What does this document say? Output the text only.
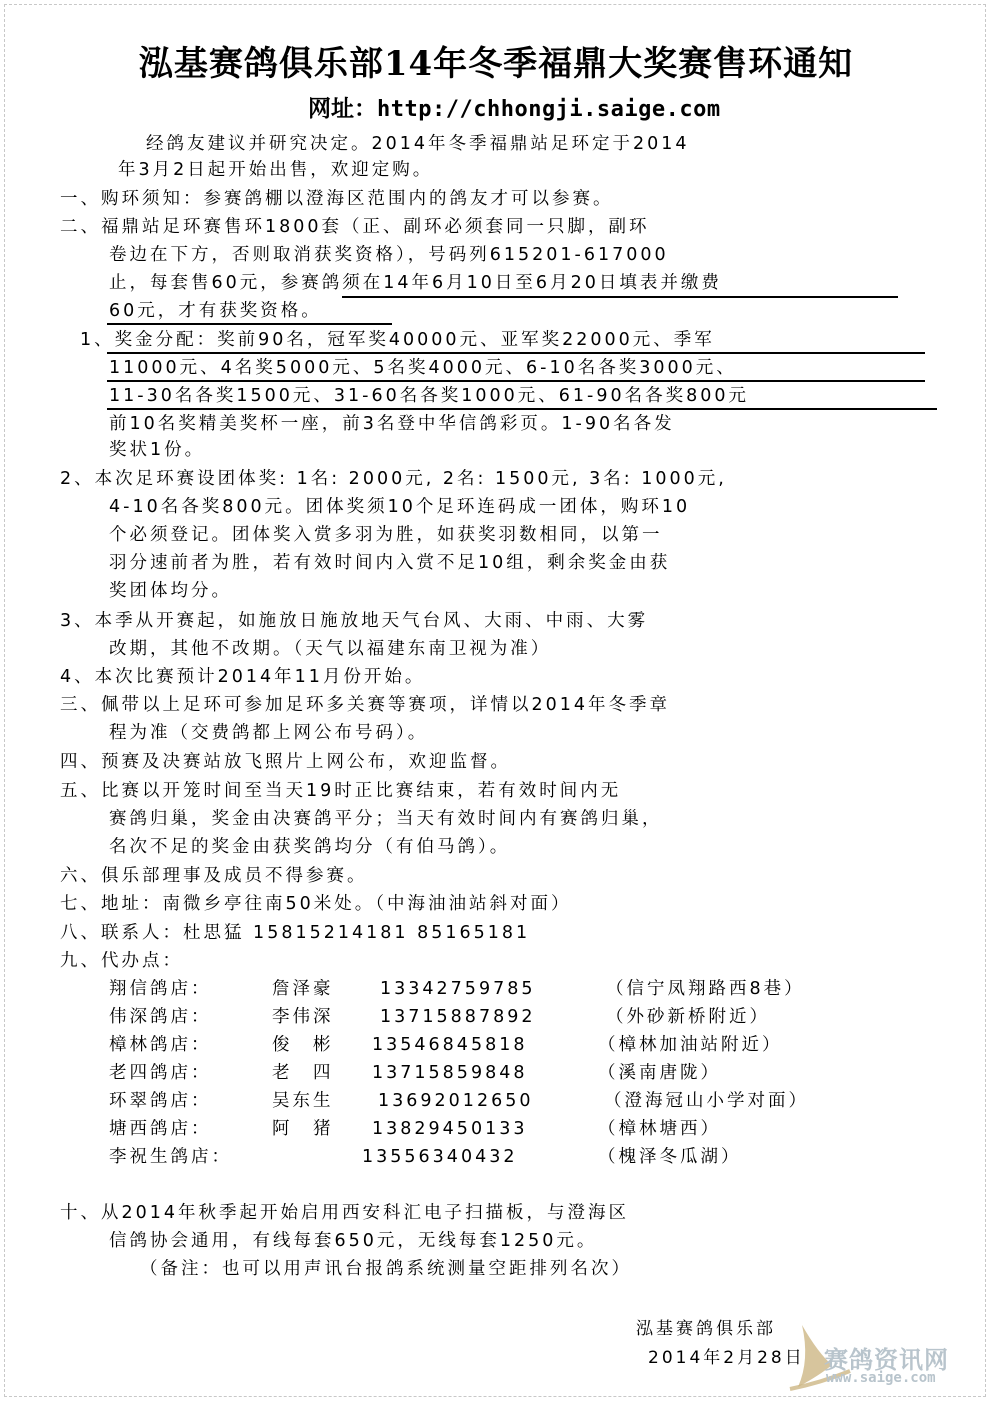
泓基赛鸽俱乐部14年冬季福鼎大奖赛售环通知
网址：http://chhongji.saige.com
经鸽友建议并研究决定。2014年冬季福鼎站足环定于2014
年3月2日起开始出售，欢迎定购。
一、购环须知：参赛鸽棚以澄海区范围内的鸽友才可以参赛。
二、福鼎站足环赛售环1800套（正、副环必须套同一只脚，副环
卷边在下方，否则取消获奖资格），号码列615201-617000
止，每套售60元，参赛鸽须在14年6月10日至6月20日填表并缴费
60元，才有获奖资格。
1、奖金分配：奖前90名，冠军奖40000元、亚军奖22000元、季军
11000元、4名奖5000元、5名奖4000元、6-10名各奖3000元、
11-30名各奖1500元、31-60名各奖1000元、61-90名各奖800元
前10名奖精美奖杯一座，前3名登中华信鸽彩页。1-90名各发
奖状1份。
2、本次足环赛设团体奖: 1名: 2000元, 2名: 1500元, 3名: 1000元,
4-10名各奖800元。团体奖须10个足环连码成一团体，购环10
个必须登记。团体奖入赏多羽为胜，如获奖羽数相同，以第一
羽分速前者为胜，若有效时间内入赏不足10组，剩余奖金由获
奖团体均分。
3、本季从开赛起，如施放日施放地天气台风、大雨、中雨、大雾
改期，其他不改期。（天气以福建东南卫视为准）
4、本次比赛预计2014年11月份开始。
三、佩带以上足环可参加足环多关赛等赛项，详情以2014年冬季章
程为准（交费鸽都上网公布号码）。
四、预赛及决赛站放飞照片上网公布，欢迎监督。
五、比赛以开笼时间至当天19时正比赛结束，若有效时间内无
赛鸽归巢，奖金由决赛鸽平分；当天有效时间内有赛鸽归巢，
名次不足的奖金由获奖鸽均分（有伯马鸽）。
六、俱乐部理事及成员不得参赛。
七、地址：南微乡亭往南50米处。（中海油油站斜对面）
八、联系人：杜思猛 15815214181 85165181
九、代办点：
翔信鸽店：	詹泽豪	13342759785	（信宁凤翔路西8巷）
伟深鸽店：	李伟深	13715887892	（外砂新桥附近）
樟林鸽店：	俊　彬 13546845818	（樟林加油站附近）
老四鸽店：	老　四 13715859848	（溪南唐陇）
环翠鸽店：	吴东生	13692012650	（澄海冠山小学对面）
塘西鸽店：	阿　猪 13829450133	（樟林塘西）
李祝生鸽店：	13556340432	（槐泽冬瓜湖）
十、从2014年秋季起开始启用西安科汇电子扫描板，与澄海区
信鸽协会通用，有线每套650元，无线每套1250元。
（备注：也可以用声讯台报鸽系统测量空距排列名次）
泓基赛鸽俱乐部
2014年2月28日 赛鸽资讯网
www.saige.com
